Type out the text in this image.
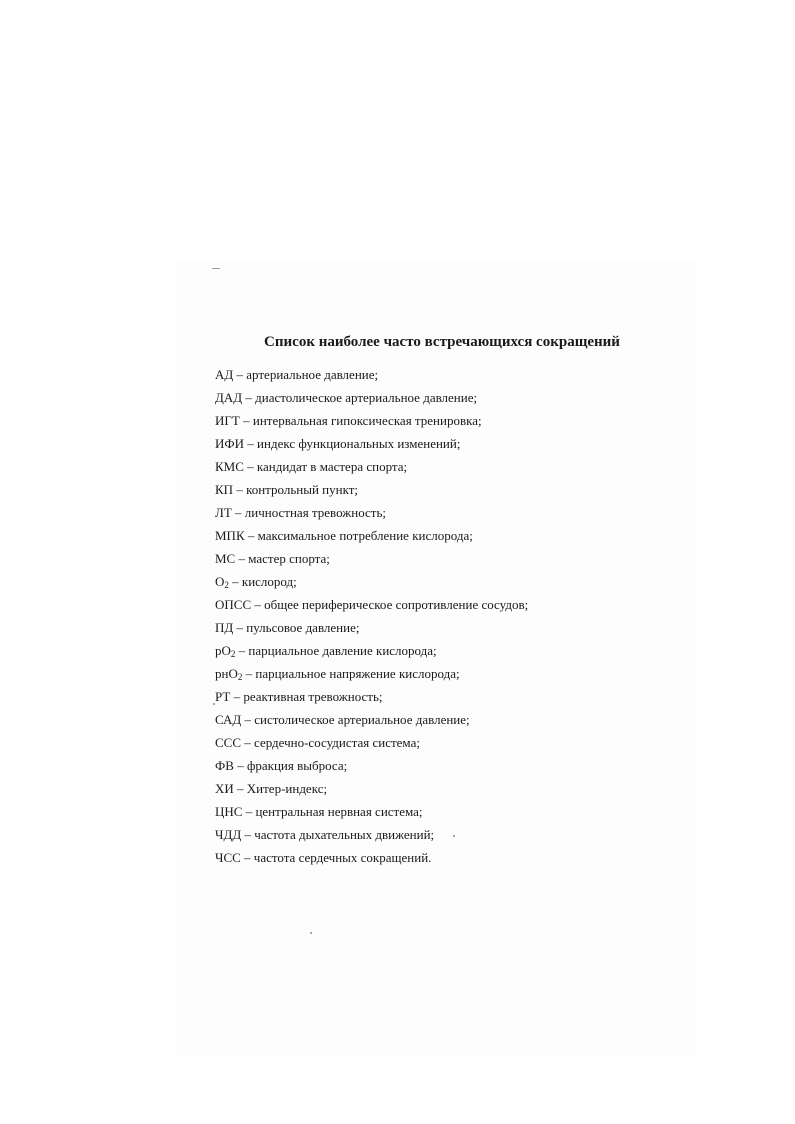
Список наиболее часто встречающихся сокращений
АД – артериальное давление;
ДАД – диастолическое артериальное давление;
ИГТ – интервальная гипоксическая тренировка;
ИФИ – индекс функциональных изменений;
КМС – кандидат в мастера спорта;
КП – контрольный пункт;
ЛТ – личностная тревожность;
МПК – максимальное потребление кислорода;
МС – мастер спорта;
$O_2$ – кислород;
ОПСС – общее периферическое сопротивление сосудов;
ПД – пульсовое давление;
$pO_2$ – парциальное давление кислорода;
pнO$_2$ – парциальное напряжение кислорода;
РТ – реактивная тревожность;
САД – систолическое артериальное давление;
ССС – сердечно-сосудистая система;
ФВ – фракция выброса;
ХИ – Хитер-индекс;
ЦНС – центральная нервная система;
ЧДД – частота дыхательных движений;
ЧСС – частота сердечных сокращений.
